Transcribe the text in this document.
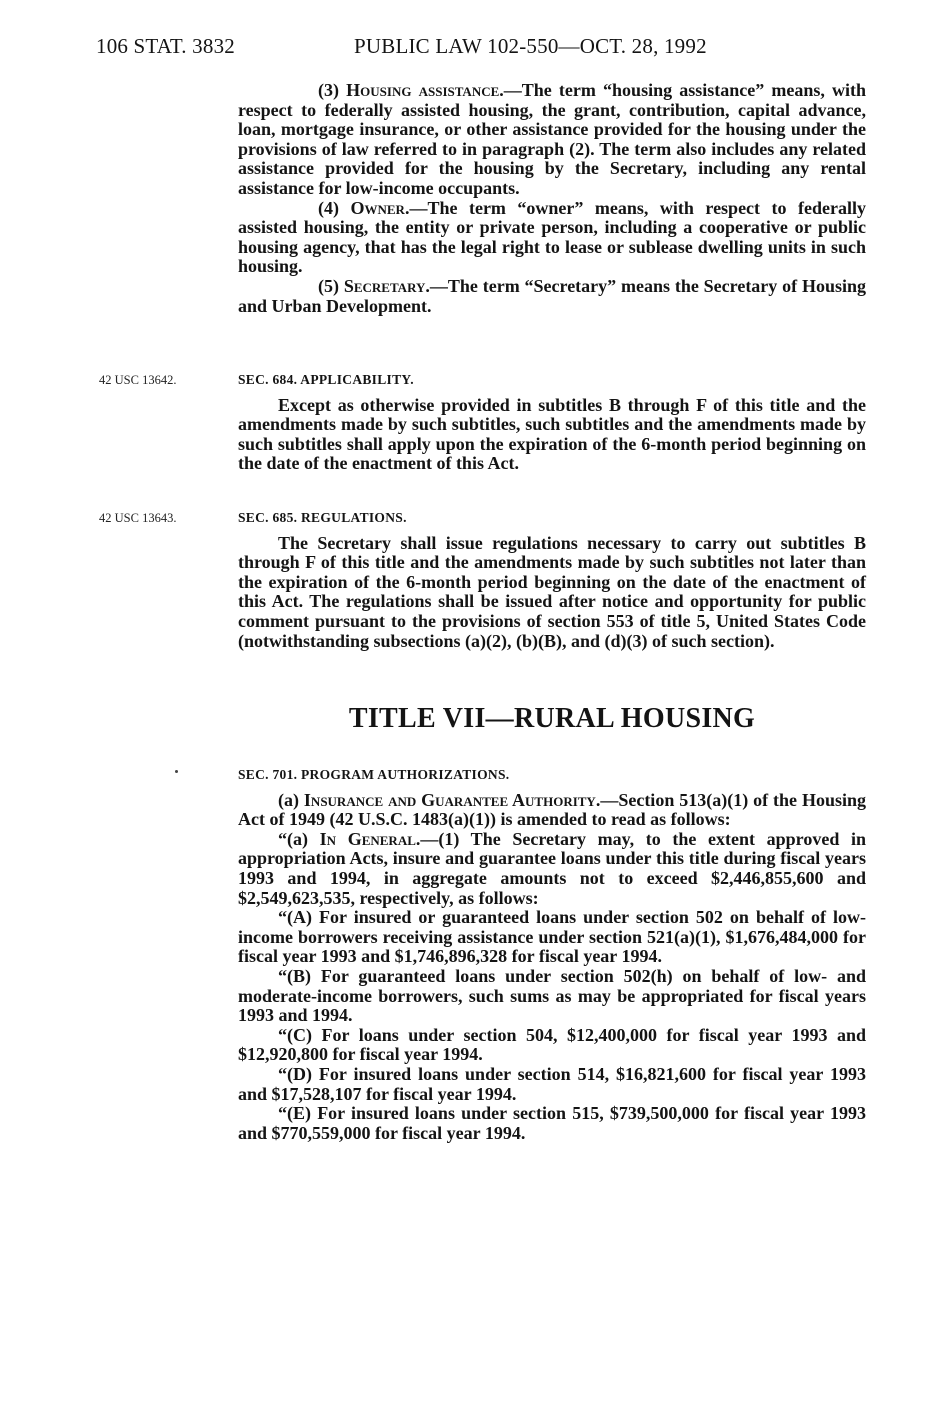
106 STAT. 3832	PUBLIC LAW 102-550—OCT. 28, 1992

(3) Housing assistance.—The term “housing assistance” means, with respect to federally assisted housing, the grant, contribution, capital advance, loan, mortgage insurance, or other assistance provided for the housing under the provisions of law referred to in paragraph (2). The term also includes any related assistance provided for the housing by the Secretary, including any rental assistance for low-income occupants.

(4) Owner.—The term “owner” means, with respect to federally assisted housing, the entity or private person, including a cooperative or public housing agency, that has the legal right to lease or sublease dwelling units in such housing.

(5) Secretary.—The term “Secretary” means the Secretary of Housing and Urban Development.

42 USC 13642.	SEC. 684. APPLICABILITY.

Except as otherwise provided in subtitles B through F of this title and the amendments made by such subtitles, such subtitles and the amendments made by such subtitles shall apply upon the expiration of the 6-month period beginning on the date of the enactment of this Act.

42 USC 13643.	SEC. 685. REGULATIONS.

The Secretary shall issue regulations necessary to carry out subtitles B through F of this title and the amendments made by such subtitles not later than the expiration of the 6-month period beginning on the date of the enactment of this Act. The regulations shall be issued after notice and opportunity for public comment pursuant to the provisions of section 553 of title 5, United States Code (notwithstanding subsections (a)(2), (b)(B), and (d)(3) of such section).

TITLE VII—RURAL HOUSING

SEC. 701. PROGRAM AUTHORIZATIONS.

(a) Insurance and Guarantee Authority.—Section 513(a)(1) of the Housing Act of 1949 (42 U.S.C. 1483(a)(1)) is amended to read as follows:

“(a) In General.—(1) The Secretary may, to the extent approved in appropriation Acts, insure and guarantee loans under this title during fiscal years 1993 and 1994, in aggregate amounts not to exceed $2,446,855,600 and $2,549,623,535, respectively, as follows:

“(A) For insured or guaranteed loans under section 502 on behalf of low-income borrowers receiving assistance under section 521(a)(1), $1,676,484,000 for fiscal year 1993 and $1,746,896,328 for fiscal year 1994.

“(B) For guaranteed loans under section 502(h) on behalf of low- and moderate-income borrowers, such sums as may be appropriated for fiscal years 1993 and 1994.

“(C) For loans under section 504, $12,400,000 for fiscal year 1993 and $12,920,800 for fiscal year 1994.

“(D) For insured loans under section 514, $16,821,600 for fiscal year 1993 and $17,528,107 for fiscal year 1994.

“(E) For insured loans under section 515, $739,500,000 for fiscal year 1993 and $770,559,000 for fiscal year 1994.
